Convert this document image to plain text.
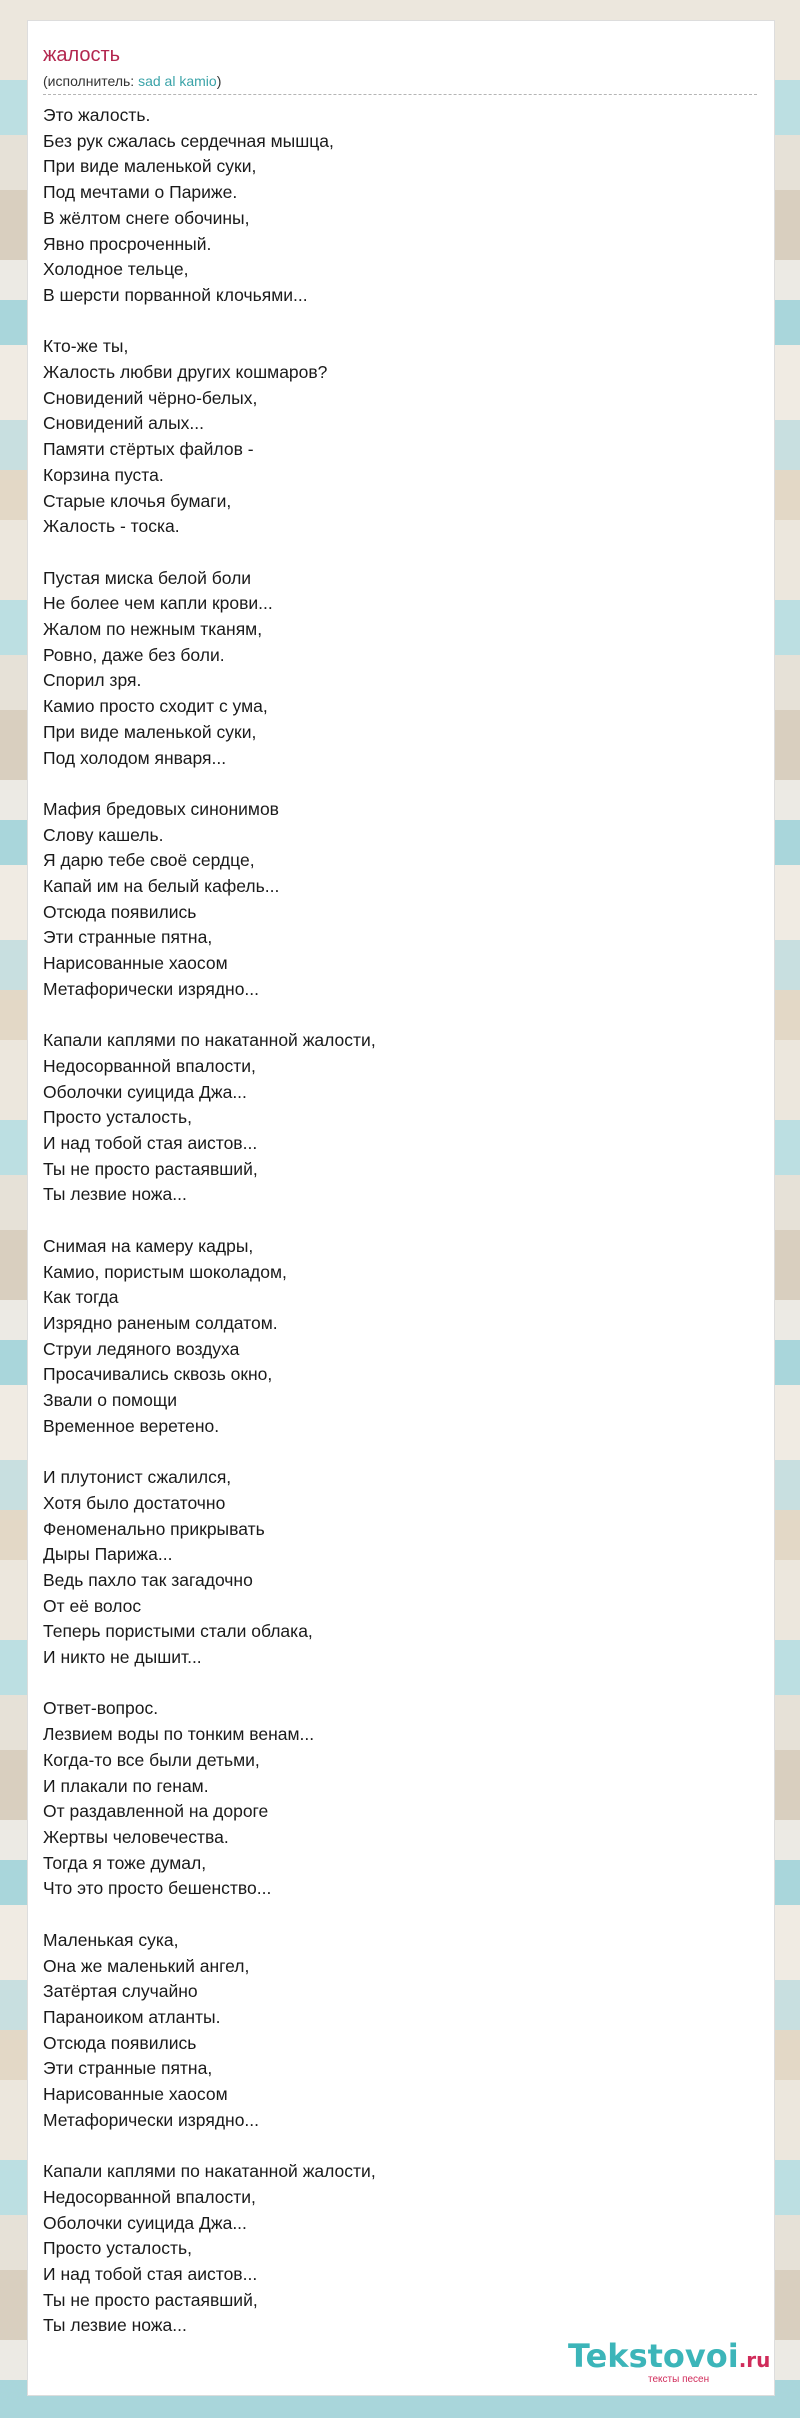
жалость
(исполнитель: sad al kamio)
Это жалость.
Без рук сжалась сердечная мышца,
При виде маленькой суки,
Под мечтами о Париже.
В жёлтом снеге обочины,
Явно просроченный.
Холодное тельце,
В шерсти порванной клочьями...
Кто-же ты,
Жалость любви других кошмаров?
Сновидений чёрно-белых,
Сновидений алых...
Памяти стёртых файлов -
Корзина пуста.
Старые клочья бумаги,
Жалость - тоска.
Пустая миска белой боли
Не более чем капли крови...
Жалом по нежным тканям,
Ровно, даже без боли.
Спорил зря.
Камио просто сходит с ума,
При виде маленькой суки,
Под холодом января...
Мафия бредовых синонимов
Слову кашель.
Я дарю тебе своё сердце,
Капай им на белый кафель...
Отсюда появились
Эти странные пятна,
Нарисованные хаосом
Метафорически изрядно...
Капали каплями по накатанной жалости,
Недосорванной впалости,
Оболочки суицида Джа...
Просто усталость,
И над тобой стая аистов...
Ты не просто растаявший,
Ты лезвие ножа...
Снимая на камеру кадры,
Камио, пористым шоколадом,
Как тогда
Изрядно раненым солдатом.
Струи ледяного воздуха
Просачивались сквозь окно,
Звали о помощи
Временное веретено.
И плутонист сжалился,
Хотя было достаточно
Феноменально прикрывать
Дыры Парижа...
Ведь пахло так загадочно
От её волос
Теперь пористыми стали облака,
И никто не дышит...
Ответ-вопрос.
Лезвием воды по тонким венам...
Когда-то все были детьми,
И плакали по генам.
От раздавленной на дороге
Жертвы человечества.
Тогда я тоже думал,
Что это просто бешенство...
Маленькая сука,
Она же маленький ангел,
Затёртая случайно
Параноиком атланты.
Отсюда появились
Эти странные пятна,
Нарисованные хаосом
Метафорически изрядно...
Капали каплями по накатанной жалости,
Недосорванной впалости,
Оболочки суицида Джа...
Просто усталость,
И над тобой стая аистов...
Ты не просто растаявший,
Ты лезвие ножа...
Tekstovoi.ru
тексты песен
